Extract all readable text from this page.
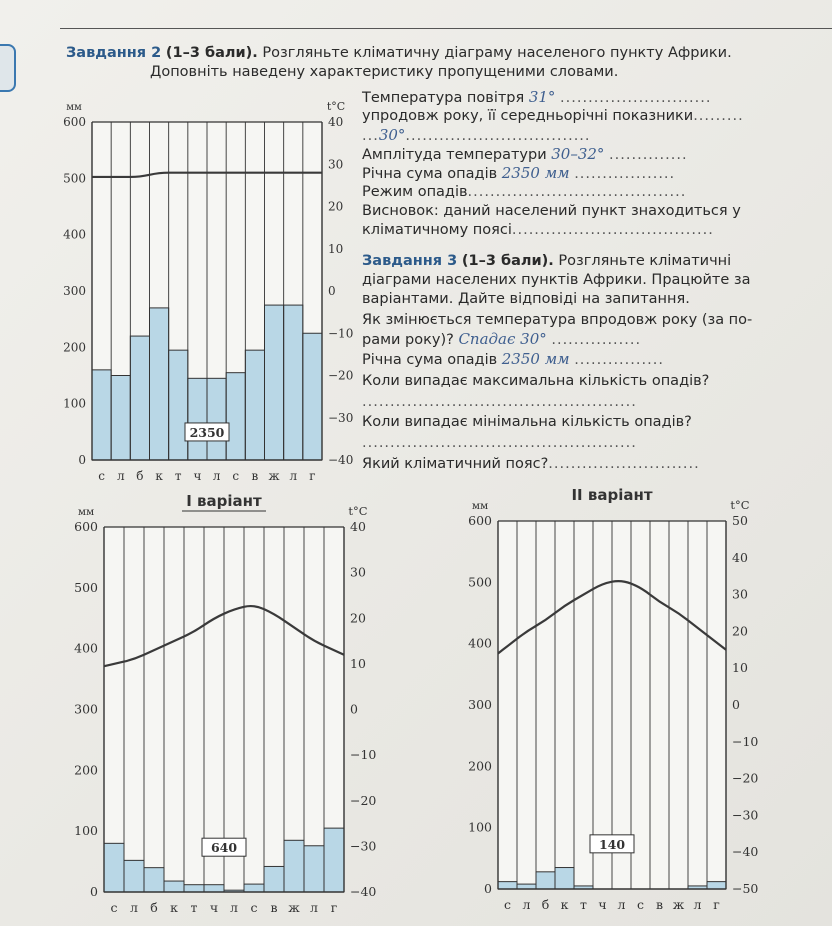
Завдання 2 (1–3 бали). Розгляньте кліматичну діаграму населеного пункту Африки.
Доповніть наведену характеристику пропущеними словами.
Температура повітря 31° ...........................
упродовж року, її середньорічні показники.........
...30°.................................
Амплітуда температури 30–32° ..............
Річна сума опадів 2350 мм ..................
Режим опадів.......................................
Висновок: даний населений пункт знаходиться у
кліматичному поясі....................................
Завдання 3 (1–3 бали). Розгляньте кліматичні
діаграми населених пунктів Африки. Працюйте за
варіантами. Дайте відповіді на запитання.
Як змінюється температура впродовж року (за по-
рами року)? Спадає 30° ................
Річна сума опадів 2350 мм ................
Коли випадає максимальна кількість опадів?
.................................................
Коли випадає мінімальна кількість опадів?
.................................................
Який кліматичний пояс?...........................
600
500
400
300
200
100
0
40
30
20
10
0
−10
−20
−30
−40
мм	t°C
с л б к т ч л с в ж л г
2350
600
500
400
300
200
100
0
40
30
20
10
0
−10
−20
−30
−40
мм	t°C
І варіант
с л б к т ч л с в ж л г
640
600
500
400
300
200
100
0
50
40
30
20
10
0
−10
−20
−30
−40
−50
мм	t°C
ІІ варіант
с л б к т ч л с в ж л г
140
